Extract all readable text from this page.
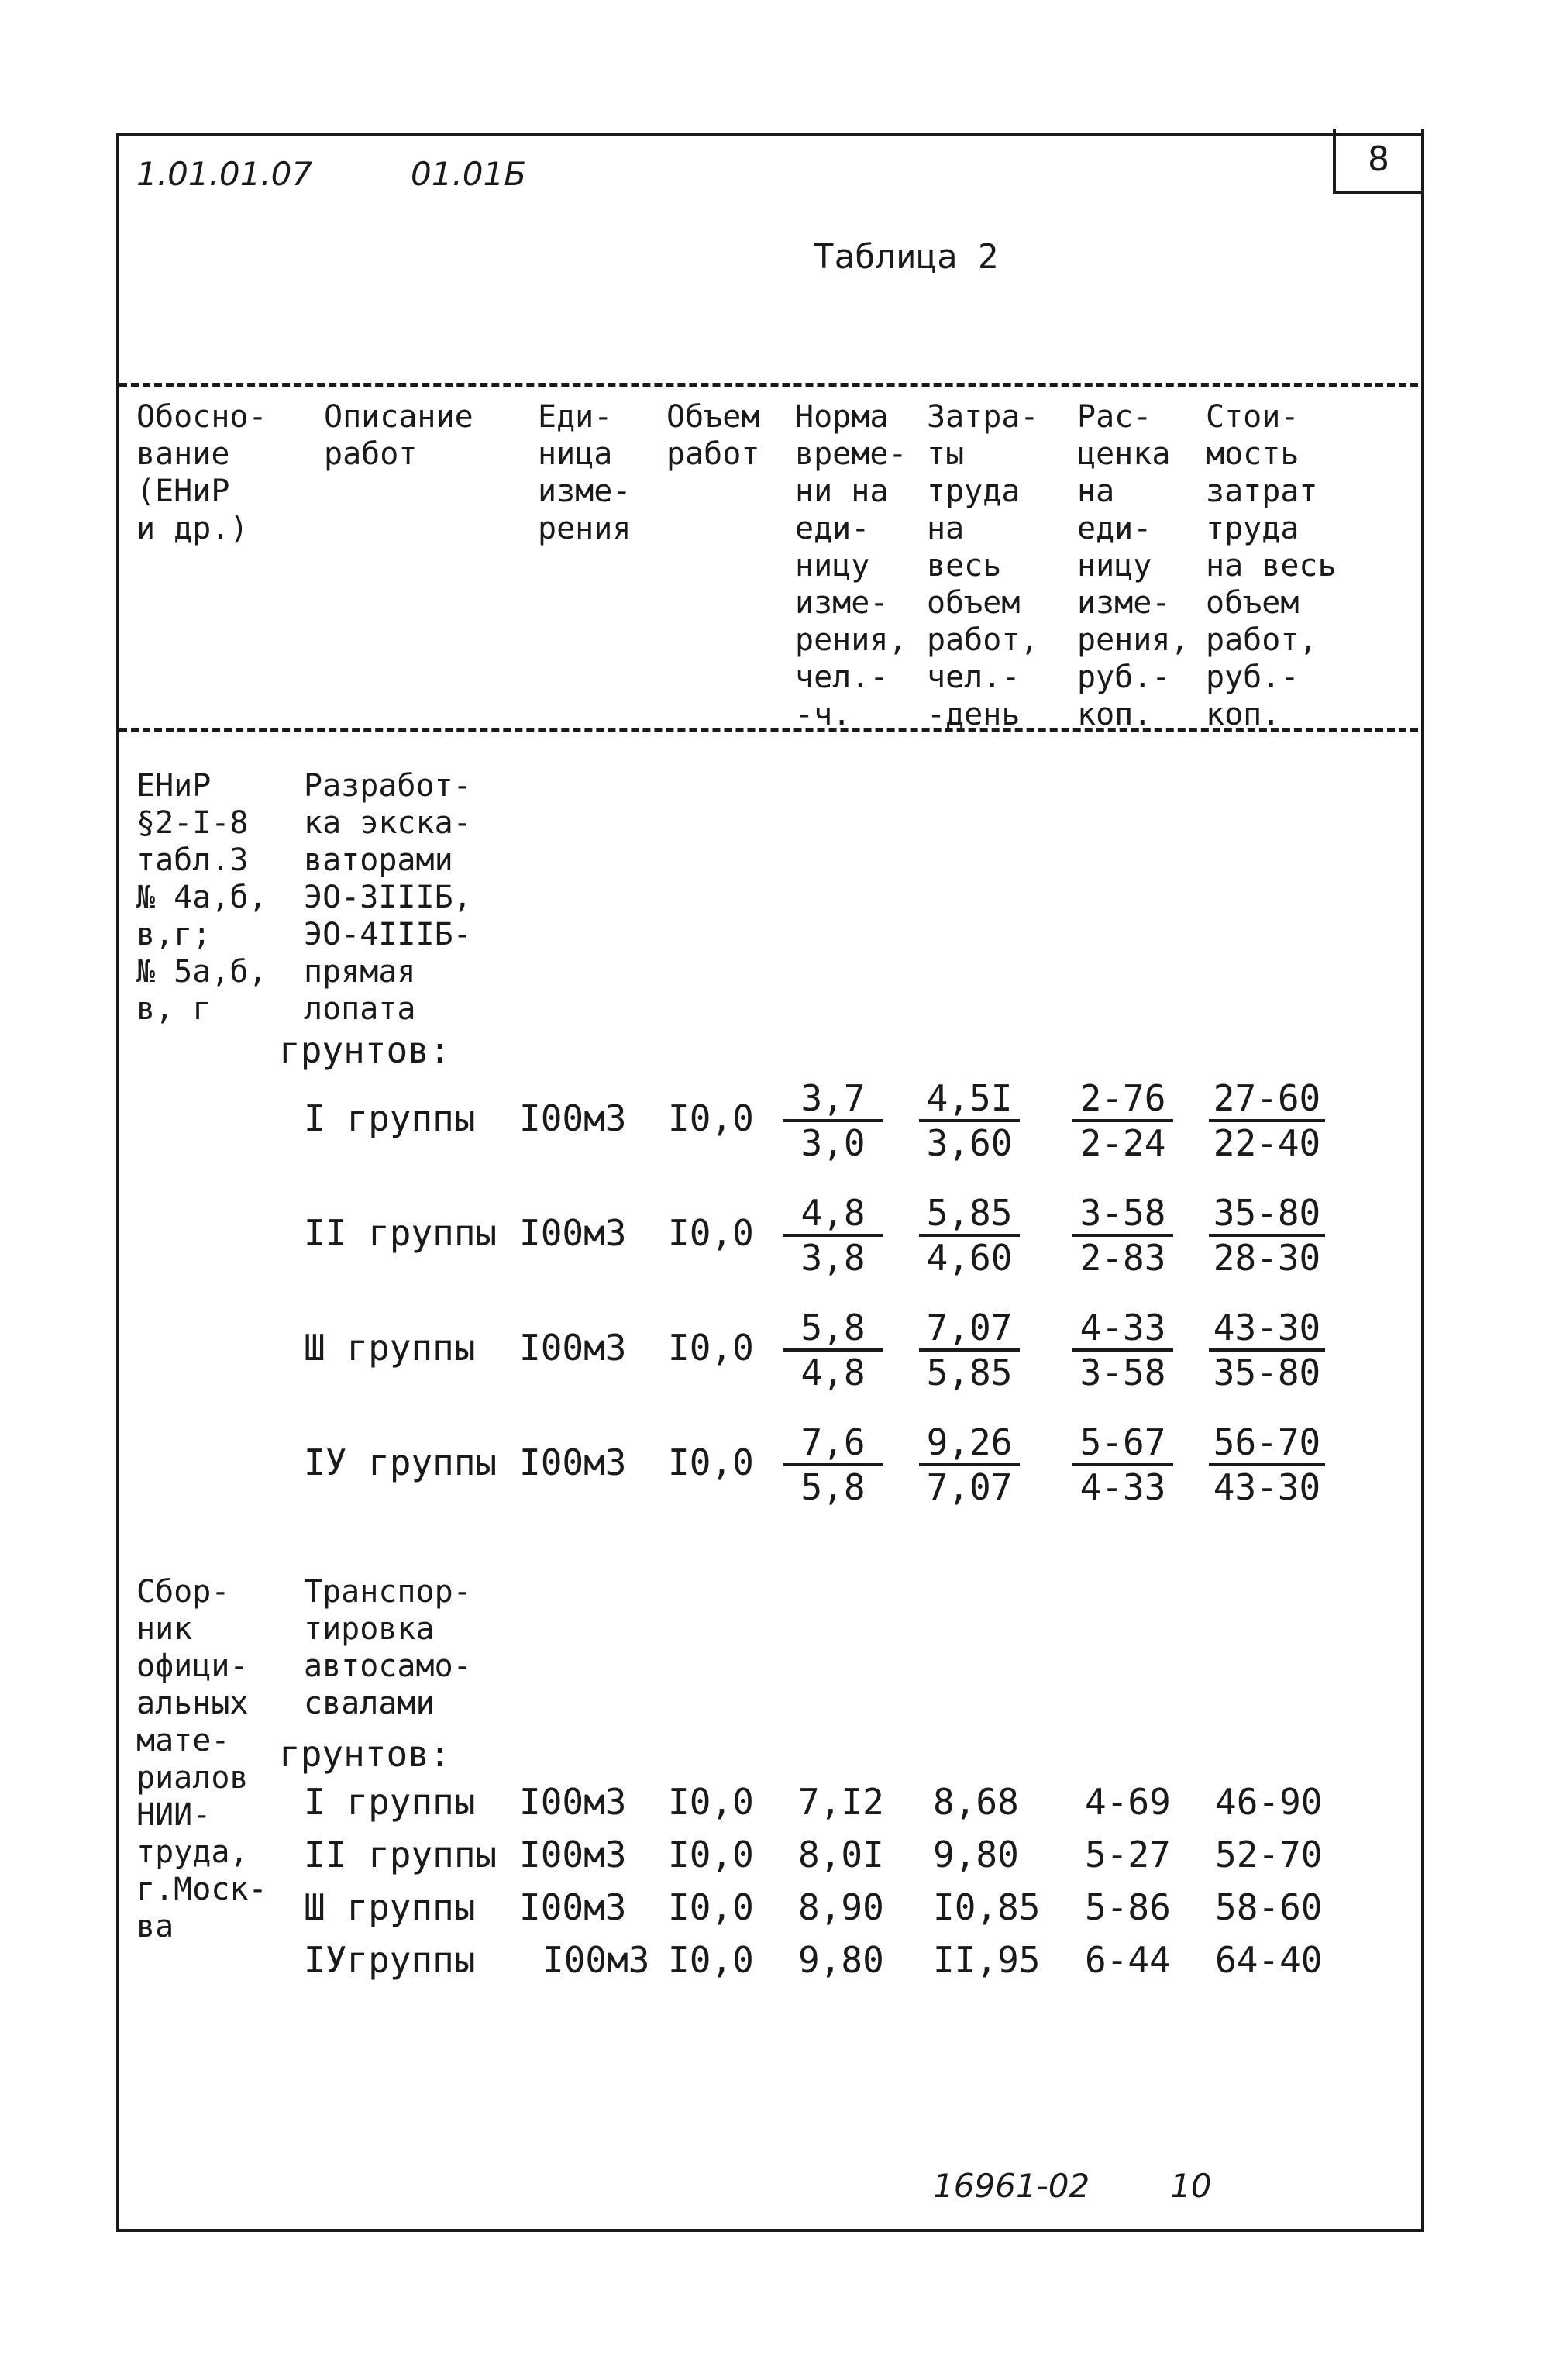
1.01.01.07	01.01Б	8
Таблица 2
Обосно-
вание
(ЕНиР
и др.)
Описание
работ
Еди-
ница
изме-
рения
Объем
работ
Норма
време-
ни на
еди-
ницу
изме-
рения,
чел.-
-ч.
Затра-
ты
труда
на
весь
объем
работ,
чел.-
-день
Рас-
ценка
на
еди-
ницу
изме-
рения,
руб.-
коп.
Стои-
мость
затрат
труда
на весь
объем
работ,
руб.-
коп.
ЕНиР
§2-I-8
табл.3
№ 4а,б,
в,г;
№ 5а,б,
в, г
Разработ-
ка экска-
ваторами
ЭО-3IIIБ,
ЭО-4IIIБ-
прямая
лопата
грунтов:
I группы I00м3 $I0,0 \frac{3,7}{3,0} \frac{4,5I}{3,60} \frac{2-76}{2-24} \frac{27-60}{22-40}$
II группы I00м3 $I0,0 \frac{4,8}{3,8} \frac{5,85}{4,60} \frac{3-58}{2-83} \frac{35-80}{28-30}$
Ш группы I00м3 $I0,0 \frac{5,8}{4,8} \frac{7,07}{5,85} \frac{4-33}{3-58} \frac{43-30}{35-80}$
IУ группы I00м3 $I0,0 \frac{7,6}{5,8} \frac{9,26}{7,07} \frac{5-67}{4-33} \frac{56-70}{43-30}$
Сбор-
ник
офици-
альных
мате-
риалов
НИИ-
труда,
г.Моск-
ва
Транспор-
тировка
автосамо-
свалами
грунтов:
I группы I00м3 I0,0 7,I2 8,68 4-69 46-90
II группы I00м3 I0,0 8,0I 9,80 5-27 52-70
Ш группы I00м3 I0,0 8,90 I0,85 5-86 58-60
IУгруппы I00м3 I0,0 9,80 II,95 6-44 64-40
16961-02 10
